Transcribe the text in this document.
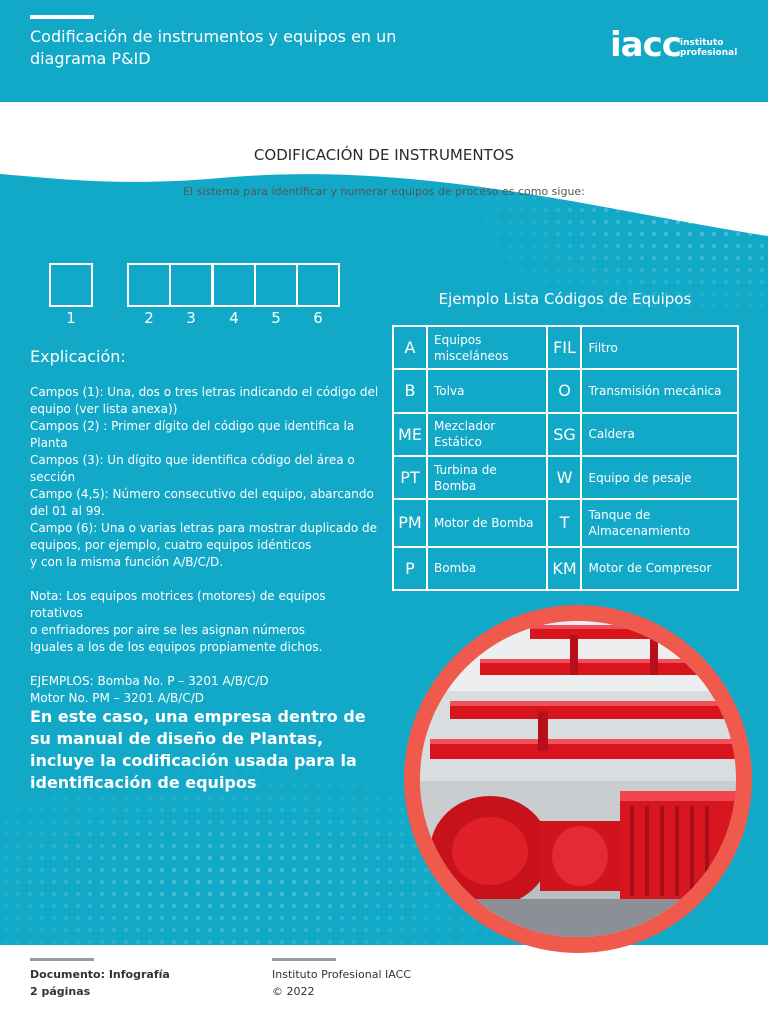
Codificación de instrumentos y equipos en un diagrama P&ID	iacc instituto
profesional
CODIFICACIÓN DE INSTRUMENTOS
El sistema para identificar y numerar equipos de proceso es como sigue:
1	2	3	4	5	6
Ejemplo Lista Códigos de Equipos
A	Equipos misceláneos	FIL	Filtro
B	Tolva	O	Transmisión mecánica
ME	Mezclador Estático	SG	Caldera
PT	Turbina de Bomba	W	Equipo de pesaje
PM	Motor de Bomba	T	Tanque de Almacenamiento
P	Bomba	KM	Motor de Compresor
Explicación:
Campos (1): Una, dos o tres letras indicando el código del
equipo (ver lista anexa))
Campos (2) : Primer dígito del código que identifica la
Planta
Campos (3): Un dígito que identifica código del área o
sección
Campo (4,5): Número consecutivo del equipo, abarcando
del 01 al 99.
Campo (6): Una o varias letras para mostrar duplicado de
equipos, por ejemplo, cuatro equipos idénticos
y con la misma función A/B/C/D.

Nota: Los equipos motrices (motores) de equipos rotativos
o enfriadores por aire se les asignan números
Iguales a los de los equipos propiamente dichos.

EJEMPLOS: Bomba No. P – 3201 A/B/C/D
Motor No. PM – 3201 A/B/C/D
En este caso, una empresa dentro de su manual de diseño de Plantas, incluye la codificación usada para la identificación de equipos
Documento: Infografía
2 páginas
Instituto Profesional IACC
© 2022
